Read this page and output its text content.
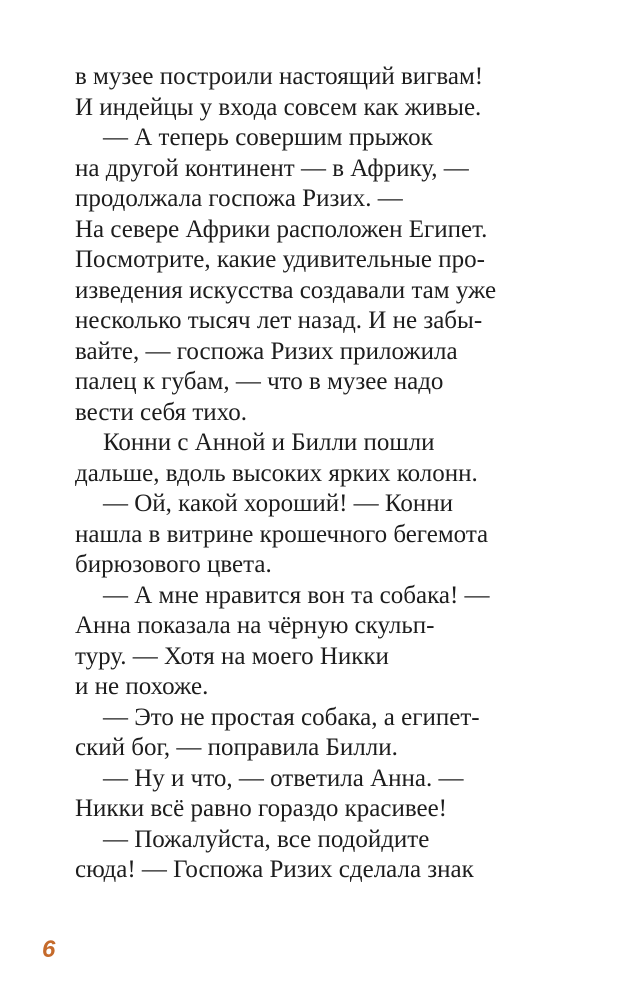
в музее построили настоящий вигвам!
И индейцы у входа совсем как живые.
— А теперь совершим прыжок
на другой континент — в Африку, —
продолжала госпожа Ризих. —
На севере Африки расположен Египет.
Посмотрите, какие удивительные про-
изведения искусства создавали там уже
несколько тысяч лет назад. И не забы-
вайте, — госпожа Ризих приложила
палец к губам, — что в музее надо
вести себя тихо.
Конни с Анной и Билли пошли
дальше, вдоль высоких ярких колонн.
— Ой, какой хороший! — Конни
нашла в витрине крошечного бегемота
бирюзового цвета.
— А мне нравится вон та собака! —
Анна показала на чёрную скульп-
туру. — Хотя на моего Никки
и не похоже.
— Это не простая собака, а египет-
ский бог, — поправила Билли.
— Ну и что, — ответила Анна. —
Никки всё равно гораздо красивее!
— Пожалуйста, все подойдите
сюда! — Госпожа Ризих сделала знак
6
